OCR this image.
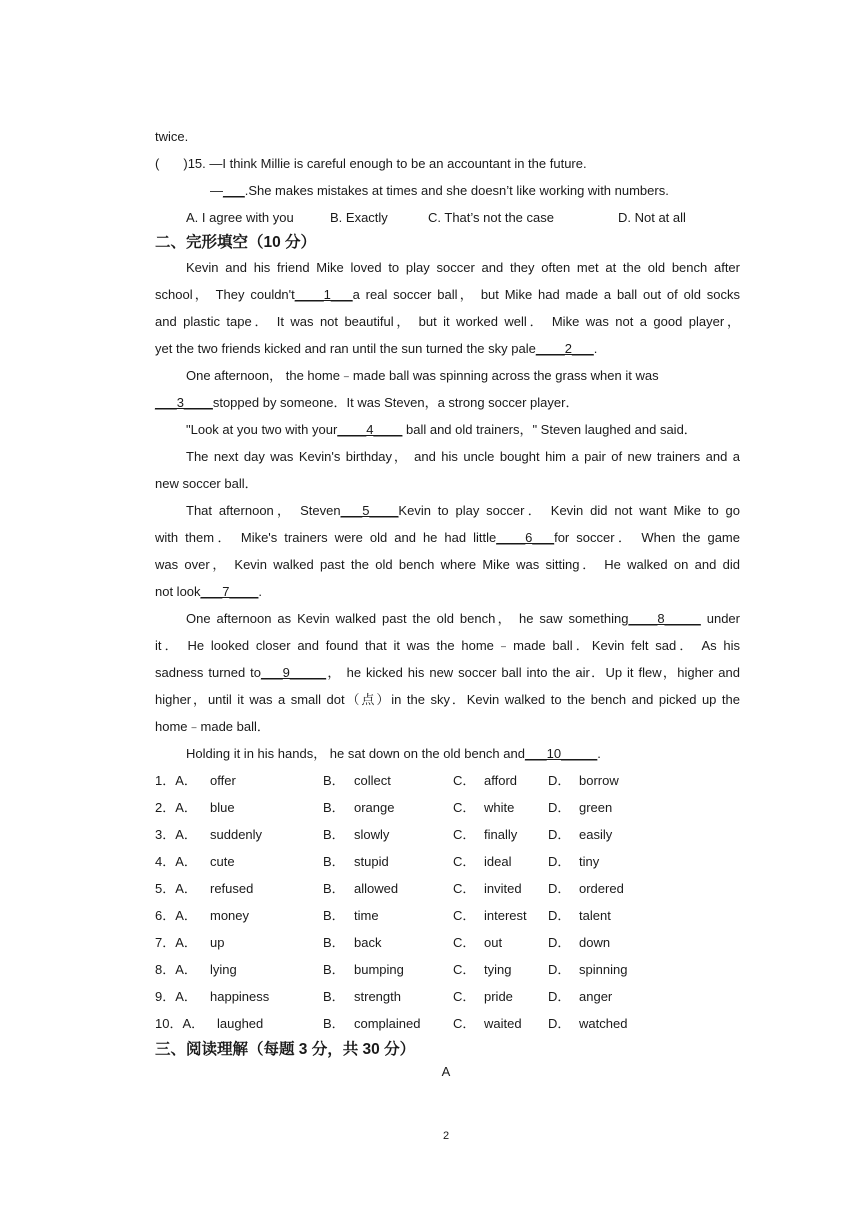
twice.
( )15. —I think Millie is careful enough to be an accountant in the future.
—___.She makes mistakes at times and she doesn’t like working with numbers.
A. I agree with you	B. Exactly	C. That’s not the case	D. Not at all
二、完形填空（10 分）
Kevin and his friend Mike loved to play soccer and they often met at the old bench after
school， They couldn't____1___a real soccer ball， but Mike had made a ball out of old socks
and plastic tape． It was not beautiful， but it worked well． Mike was not a good player，
yet the two friends kicked and ran until the sun turned the sky pale____2___.
One afternoon， the home﹣made ball was spinning across the grass when it was
___3____stopped by someone．It was Steven，a strong soccer player．
"Look at you two with your____4____ ball and old trainers，" Steven laughed and said．
The next day was Kevin's birthday， and his uncle bought him a pair of new trainers and a
new soccer ball．
That afternoon， Steven___5____Kevin to play soccer． Kevin did not want Mike to go
with them． Mike's trainers were old and he had little____6___for soccer． When the game
was over， Kevin walked past the old bench where Mike was sitting． He walked on and did
not look___7____.
One afternoon as Kevin walked past the old bench， he saw something____8_____ under
it． He looked closer and found that it was the home﹣made ball．Kevin felt sad． As his
sadness turned to___9_____， he kicked his new soccer ball into the air．Up it flew，higher and
higher，until it was a small dot（点）in the sky．Kevin walked to the bench and picked up the
home﹣made ball．
Holding it in his hands， he sat down on the old bench and___10_____.
1．A． offer	B． collect	C． afford D． borrow
2．A． blue	B． orange	C． white	D． green
3．A． suddenly	B． slowly	C． finally D． easily
4．A． cute	B． stupid	C． ideal	D． tiny
5．A． refused	B． allowed	C． invited D． ordered
6．A． money	B． time	C． interest D． talent
7．A． up	B． back	C． out	D． down
8．A． lying	B． bumping	C． tying	D． spinning
9．A． happiness	B． strength	C． pride	D． anger
10．A． laughed	B． complained	C． waited D． watched
三、阅读理解（每题 3 分，共 30 分）
A
2
